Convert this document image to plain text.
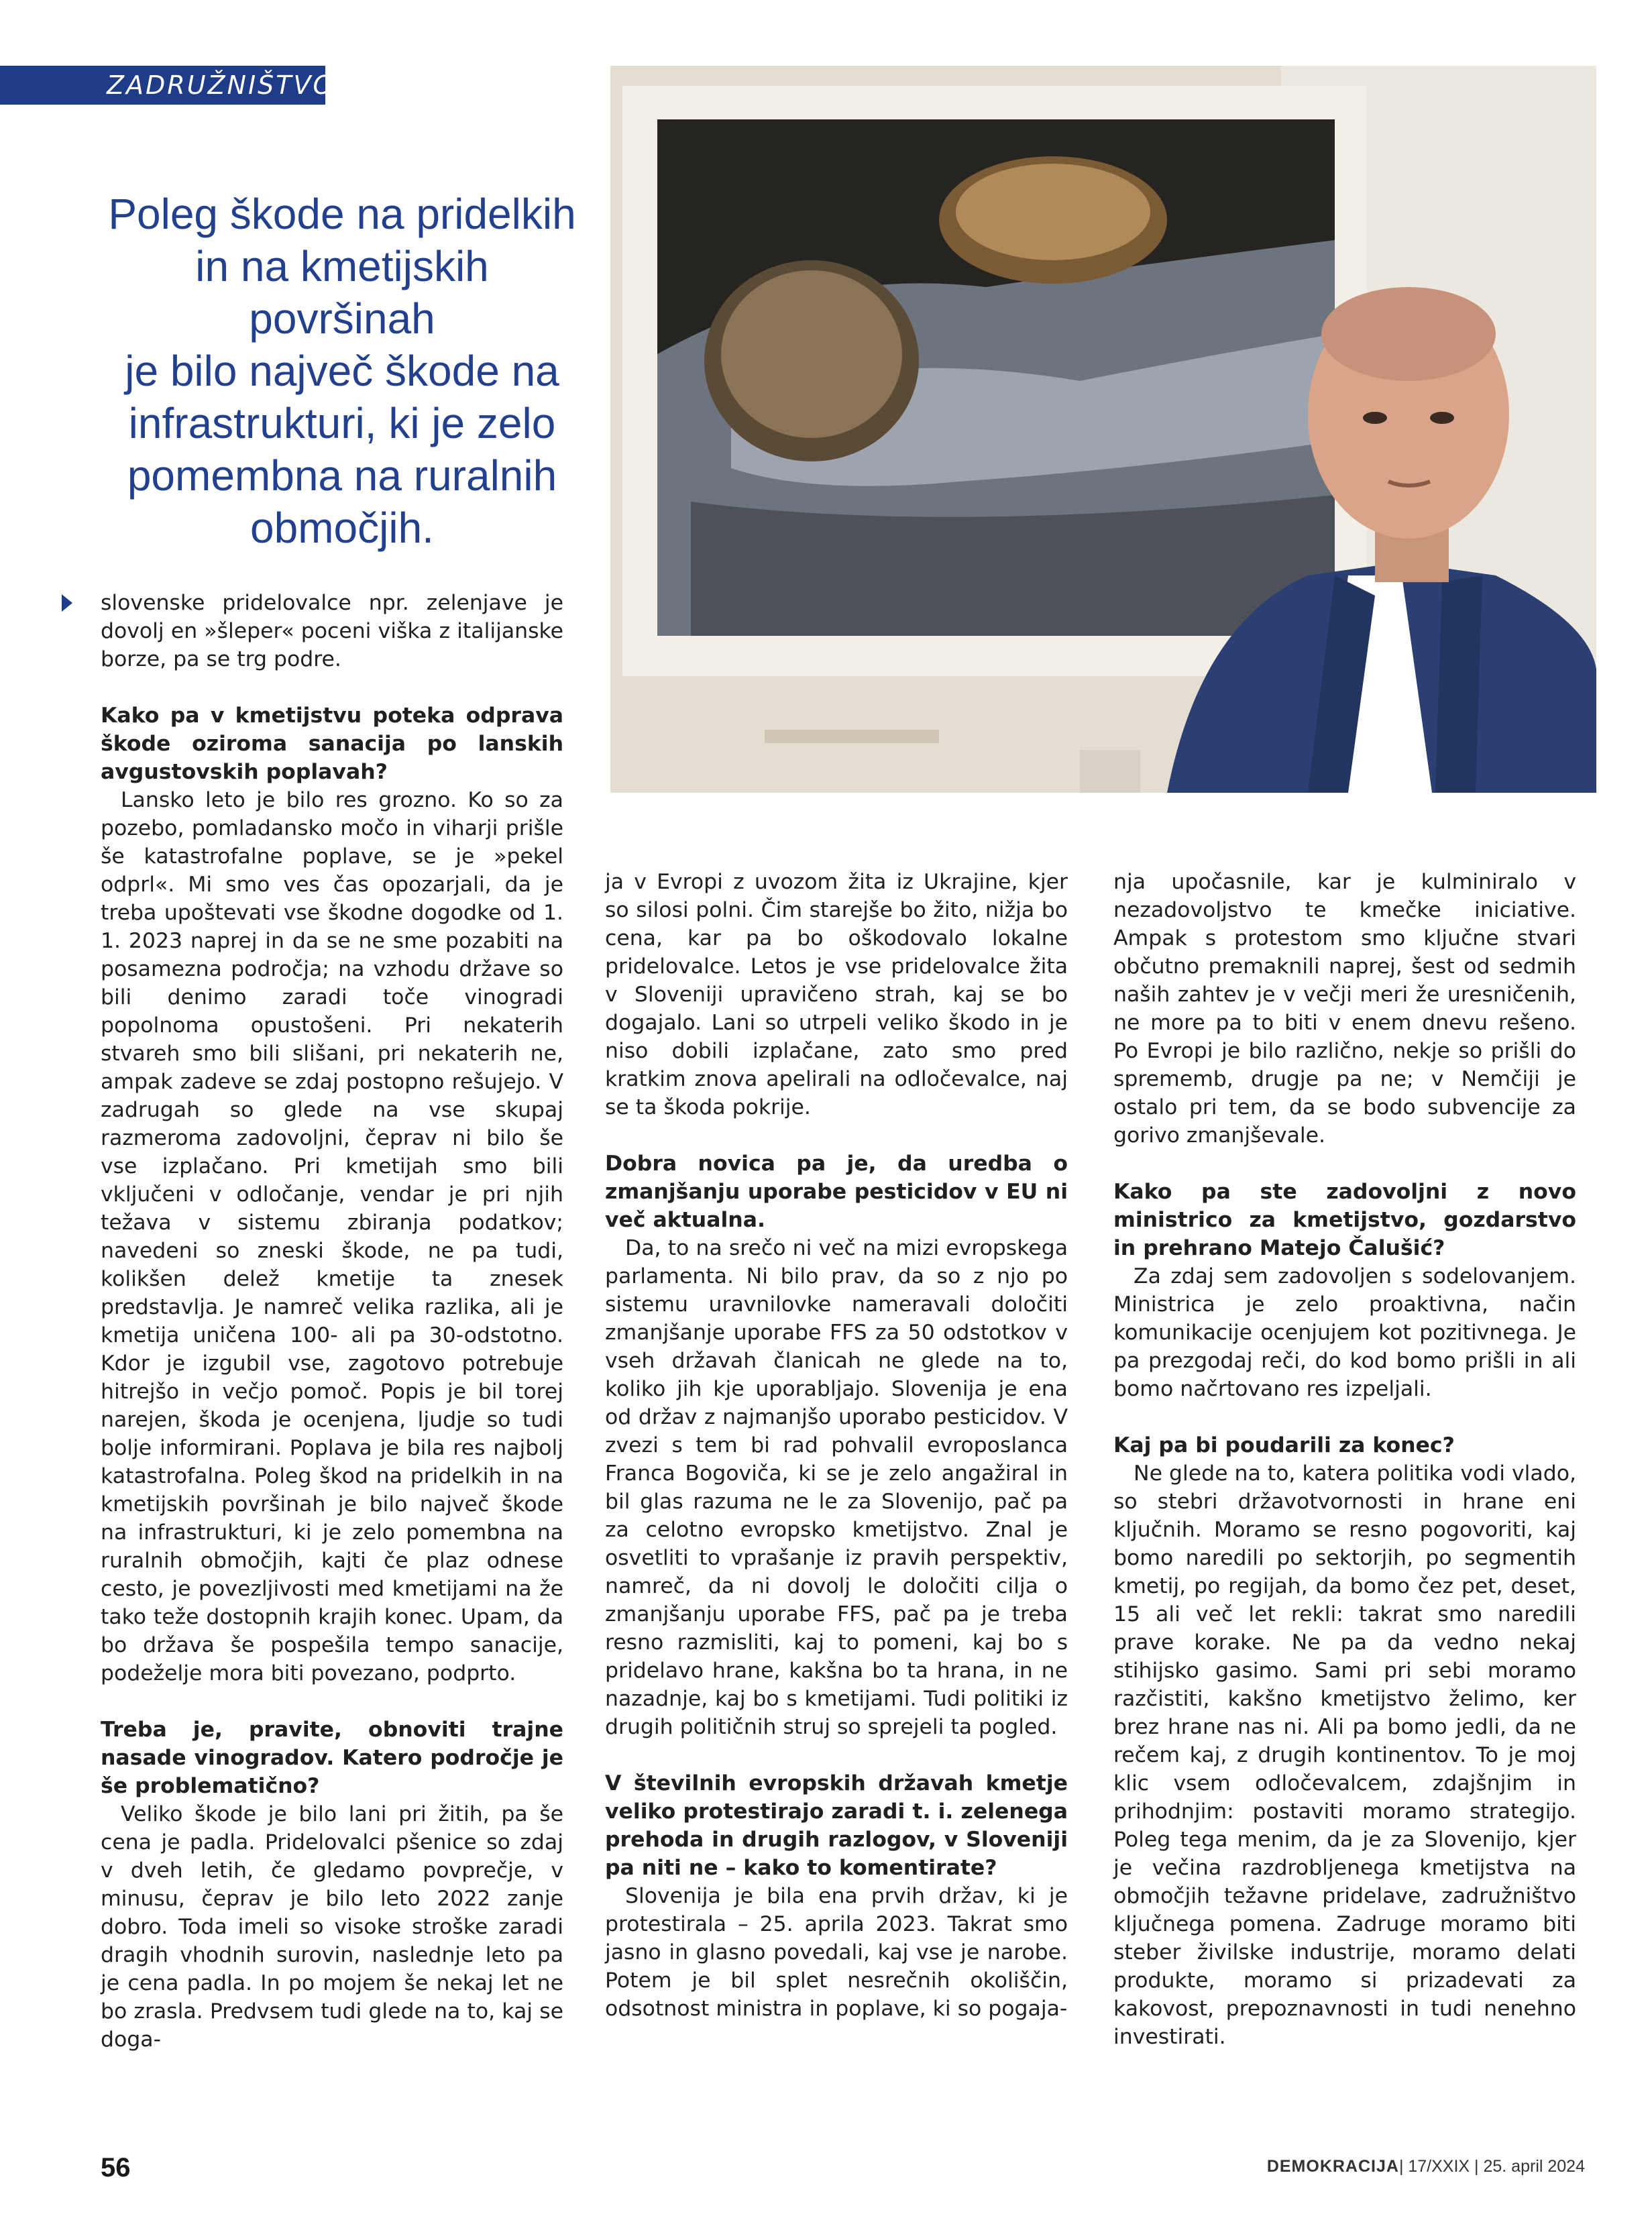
ZADRUŽNIŠTVO
Poleg škode na pridelkih
in na kmetijskih površinah
je bilo največ škode na
infrastrukturi, ki je zelo
pomembna na ruralnih
območjih.

slovenske pridelovalce npr. zelenjave je dovolj en »šleper« poceni viška z italijanske borze, pa se trg podre.

Kako pa v kmetijstvu poteka odprava škode oziroma sanacija po lanskih avgustovskih poplavah?

Lansko leto je bilo res grozno. Ko so za pozebo, pomladansko močo in viharji prišle še katastrofalne poplave, se je »pekel odprl«. Mi smo ves čas opozarjali, da je treba upoštevati vse škodne dogodke od 1. 1. 2023 naprej in da se ne sme pozabiti na posamezna področja; na vzhodu države so bili denimo zaradi toče vinogradi popolnoma opustošeni. Pri nekaterih stvareh smo bili slišani, pri nekaterih ne, ampak zadeve se zdaj postopno rešujejo. V zadrugah so glede na vse skupaj razmeroma zadovoljni, čeprav ni bilo še vse izplačano. Pri kmetijah smo bili vključeni v odločanje, vendar je pri njih težava v sistemu zbiranja podatkov; navedeni so zneski škode, ne pa tudi, kolikšen delež kmetije ta znesek predstavlja. Je namreč velika razlika, ali je kmetija uničena 100- ali pa 30-odstotno. Kdor je izgubil vse, zagotovo potrebuje hitrejšo in večjo pomoč. Popis je bil torej narejen, škoda je ocenjena, ljudje so tudi bolje informirani. Poplava je bila res najbolj katastrofalna. Poleg škod na pridelkih in na kmetijskih površinah je bilo največ škode na infrastrukturi, ki je zelo pomembna na ruralnih območjih, kajti če plaz odnese cesto, je povezljivosti med kmetijami na že tako teže dostopnih krajih konec. Upam, da bo država še pospešila tempo sanacije, podeželje mora biti povezano, podprto.

Treba je, pravite, obnoviti trajne nasade vinogradov. Katero področje je še problematično?

Veliko škode je bilo lani pri žitih, pa še cena je padla. Pridelovalci pšenice so zdaj v dveh letih, če gledamo povprečje, v minusu, čeprav je bilo leto 2022 zanje dobro. Toda imeli so visoke stroške zaradi dragih vhodnih surovin, naslednje leto pa je cena padla. In po mojem še nekaj let ne bo zrasla. Predvsem tudi glede na to, kaj se doga-

ja v Evropi z uvozom žita iz Ukrajine, kjer so silosi polni. Čim starejše bo žito, nižja bo cena, kar pa bo oškodovalo lokalne pridelovalce. Letos je vse pridelovalce žita v Sloveniji upravičeno strah, kaj se bo dogajalo. Lani so utrpeli veliko škodo in je niso dobili izplačane, zato smo pred kratkim znova apelirali na odločevalce, naj se ta škoda pokrije.

Dobra novica pa je, da uredba o zmanjšanju uporabe pesticidov v EU ni več aktualna.

Da, to na srečo ni več na mizi evropskega parlamenta. Ni bilo prav, da so z njo po sistemu uravnilovke nameravali določiti zmanjšanje uporabe FFS za 50 odstotkov v vseh državah članicah ne glede na to, koliko jih kje uporabljajo. Slovenija je ena od držav z najmanjšo uporabo pesticidov. V zvezi s tem bi rad pohvalil evroposlanca Franca Bogoviča, ki se je zelo angažiral in bil glas razuma ne le za Slovenijo, pač pa za celotno evropsko kmetijstvo. Znal je osvetliti to vprašanje iz pravih perspektiv, namreč, da ni dovolj le določiti cilja o zmanjšanju uporabe FFS, pač pa je treba resno razmisliti, kaj to pomeni, kaj bo s pridelavo hrane, kakšna bo ta hrana, in ne nazadnje, kaj bo s kmetijami. Tudi politiki iz drugih političnih struj so sprejeli ta pogled.

V številnih evropskih državah kmetje veliko protestirajo zaradi t. i. zelenega prehoda in drugih razlogov, v Sloveniji pa niti ne – kako to komentirate?

Slovenija je bila ena prvih držav, ki je protestirala – 25. aprila 2023. Takrat smo jasno in glasno povedali, kaj vse je narobe. Potem je bil splet nesrečnih okoliščin, odsotnost ministra in poplave, ki so pogaja-

nja upočasnile, kar je kulminiralo v nezadovoljstvo te kmečke iniciative. Ampak s protestom smo ključne stvari občutno premaknili naprej, šest od sedmih naših zahtev je v večji meri že uresničenih, ne more pa to biti v enem dnevu rešeno. Po Evropi je bilo različno, nekje so prišli do sprememb, drugje pa ne; v Nemčiji je ostalo pri tem, da se bodo subvencije za gorivo zmanjševale.

Kako pa ste zadovoljni z novo ministrico za kmetijstvo, gozdarstvo in prehrano Matejo Čalušić?

Za zdaj sem zadovoljen s sodelovanjem. Ministrica je zelo proaktivna, način komunikacije ocenjujem kot pozitivnega. Je pa prezgodaj reči, do kod bomo prišli in ali bomo načrtovano res izpeljali.

Kaj pa bi poudarili za konec?

Ne glede na to, katera politika vodi vlado, so stebri državotvornosti in hrane eni ključnih. Moramo se resno pogovoriti, kaj bomo naredili po sektorjih, po segmentih kmetij, po regijah, da bomo čez pet, deset, 15 ali več let rekli: takrat smo naredili prave korake. Ne pa da vedno nekaj stihijsko gasimo. Sami pri sebi moramo razčistiti, kakšno kmetijstvo želimo, ker brez hrane nas ni. Ali pa bomo jedli, da ne rečem kaj, z drugih kontinentov. To je moj klic vsem odločevalcem, zdajšnjim in prihodnjim: postaviti moramo strategijo. Poleg tega menim, da je za Slovenijo, kjer je večina razdrobljenega kmetijstva na območjih težavne pridelave, zadružništvo ključnega pomena. Zadruge moramo biti steber živilske industrije, moramo delati produkte, moramo si prizadevati za kakovost, prepoznavnosti in tudi nenehno investirati.

56	DEMOKRACIJA| 17/XXIX | 25. april 2024
